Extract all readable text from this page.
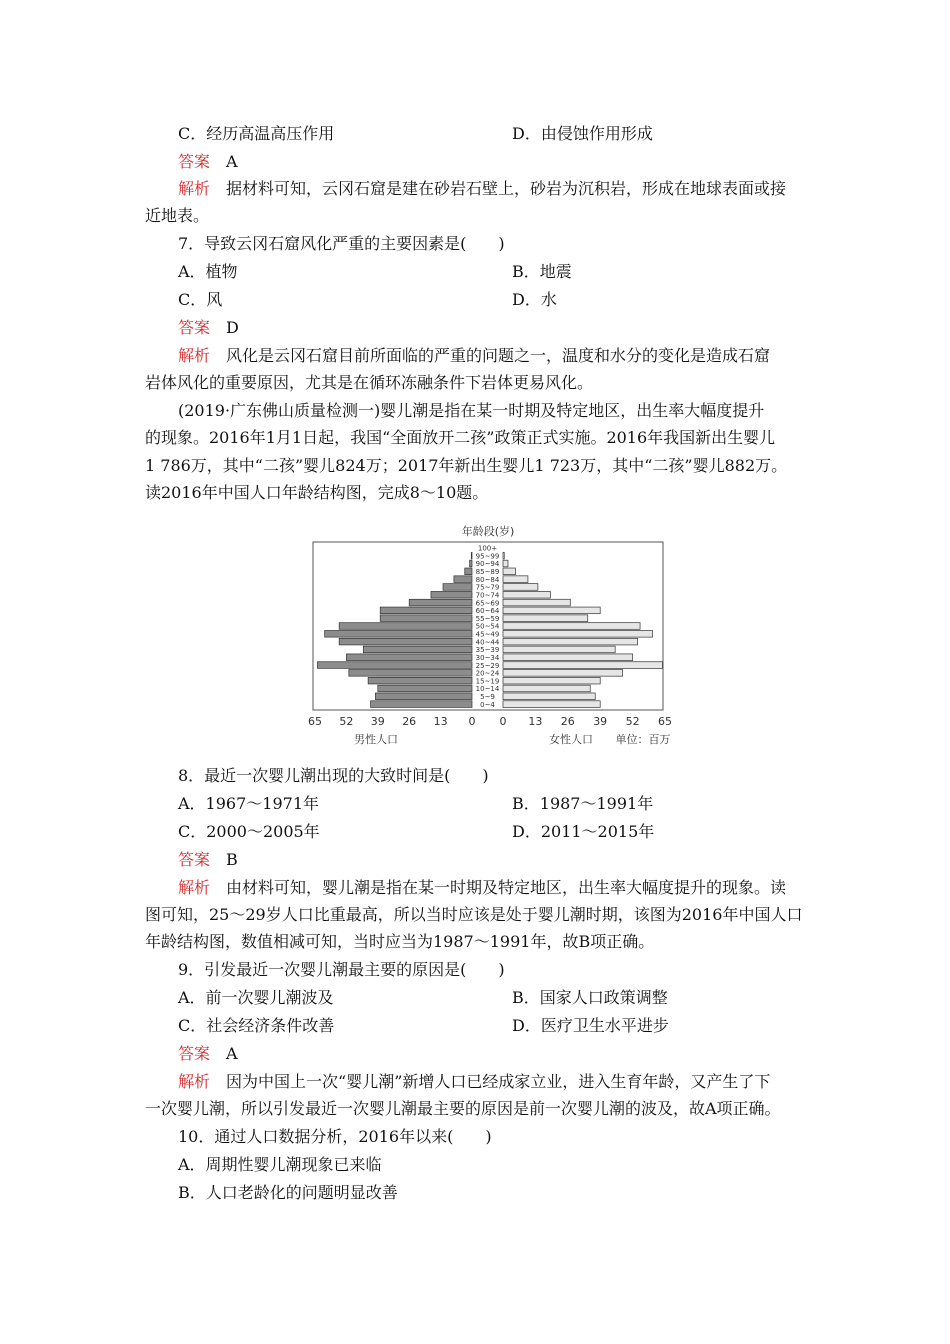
C．经历高温高压作用	D．由侵蚀作用形成
答案　 A
解析　 据材料可知，云冈石窟是建在砂岩石壁上，砂岩为沉积岩，形成在地球表面或接
近地表。
7．导致云冈石窟风化严重的主要因素是(　　)
A．植物	B．地震
C．风	D．水
答案　 D
解析　 风化是云冈石窟目前所面临的严重的问题之一，温度和水分的变化是造成石窟
岩体风化的重要原因，尤其是在循环冻融条件下岩体更易风化。
(2019·广东佛山质量检测一)婴儿潮是指在某一时期及特定地区，出生率大幅度提升
的现象。2016年1月1日起，我国“全面放开二孩”政策正式实施。2016年我国新出生婴儿
1 786万，其中“二孩”婴儿824万；2017年新出生婴儿1 723万，其中“二孩”婴儿882万。
读2016年中国人口年龄结构图，完成8～10题。
年龄段(岁)
100+
95~99
90~94
85~89
80~84
75~79
70~74
65~69
60~64
55~59
50~54
45~49
40~44
35~39
30~34
25~29
20~24
15~19
10~14
5~9
0~4
65 52 39 26 13 0 0 13 26 39 52 65
男性人口	女性人口 单位：百万
8．最近一次婴儿潮出现的大致时间是(　　)
A．1967～1971年	B．1987～1991年
C．2000～2005年	D．2011～2015年
答案　 B
解析　 由材料可知，婴儿潮是指在某一时期及特定地区，出生率大幅度提升的现象。读
图可知，25～29岁人口比重最高，所以当时应该是处于婴儿潮时期，该图为2016年中国人口
年龄结构图，数值相减可知，当时应当为1987～1991年，故B项正确。
9．引发最近一次婴儿潮最主要的原因是(　　)
A．前一次婴儿潮波及	B．国家人口政策调整
C．社会经济条件改善	D．医疗卫生水平进步
答案　 A
解析　 因为中国上一次“婴儿潮”新增人口已经成家立业，进入生育年龄，又产生了下
一次婴儿潮，所以引发最近一次婴儿潮最主要的原因是前一次婴儿潮的波及，故A项正确。
10．通过人口数据分析，2016年以来(　　)
A．周期性婴儿潮现象已来临
B．人口老龄化的问题明显改善
